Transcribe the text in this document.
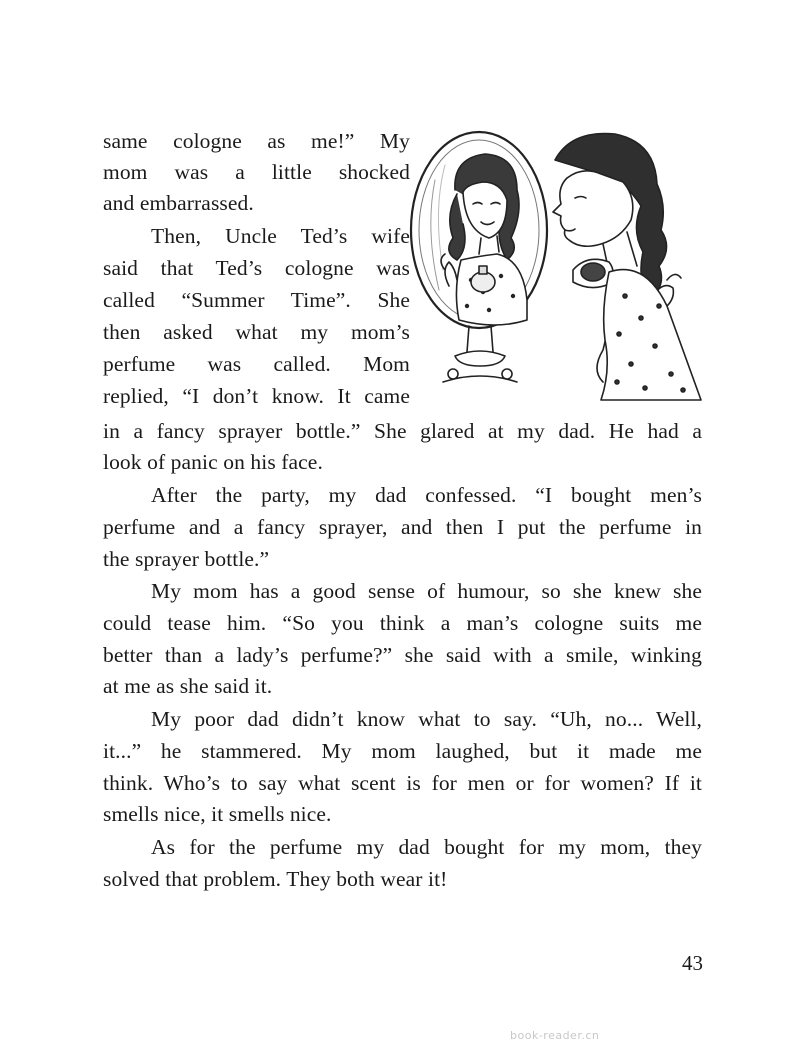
same cologne as me!” My
mom was a little shocked
and embarrassed.
Then, Uncle Ted’s wife
said that Ted’s cologne was
called “Summer Time”. She
then asked what my mom’s
perfume was called. Mom
replied, “I don’t know. It came
in a fancy sprayer bottle.” She glared at my dad. He had a
look of panic on his face.
After the party, my dad confessed. “I bought men’s
perfume and a fancy sprayer, and then I put the perfume in
the sprayer bottle.”
My mom has a good sense of humour, so she knew she
could tease him. “So you think a man’s cologne suits me
better than a lady’s perfume?” she said with a smile, winking
at me as she said it.
My poor dad didn’t know what to say. “Uh, no... Well,
it...” he stammered. My mom laughed, but it made me
think. Who’s to say what scent is for men or for women? If it
smells nice, it smells nice.
As for the perfume my dad bought for my mom, they
solved that problem. They both wear it!
43
book-reader.cn
